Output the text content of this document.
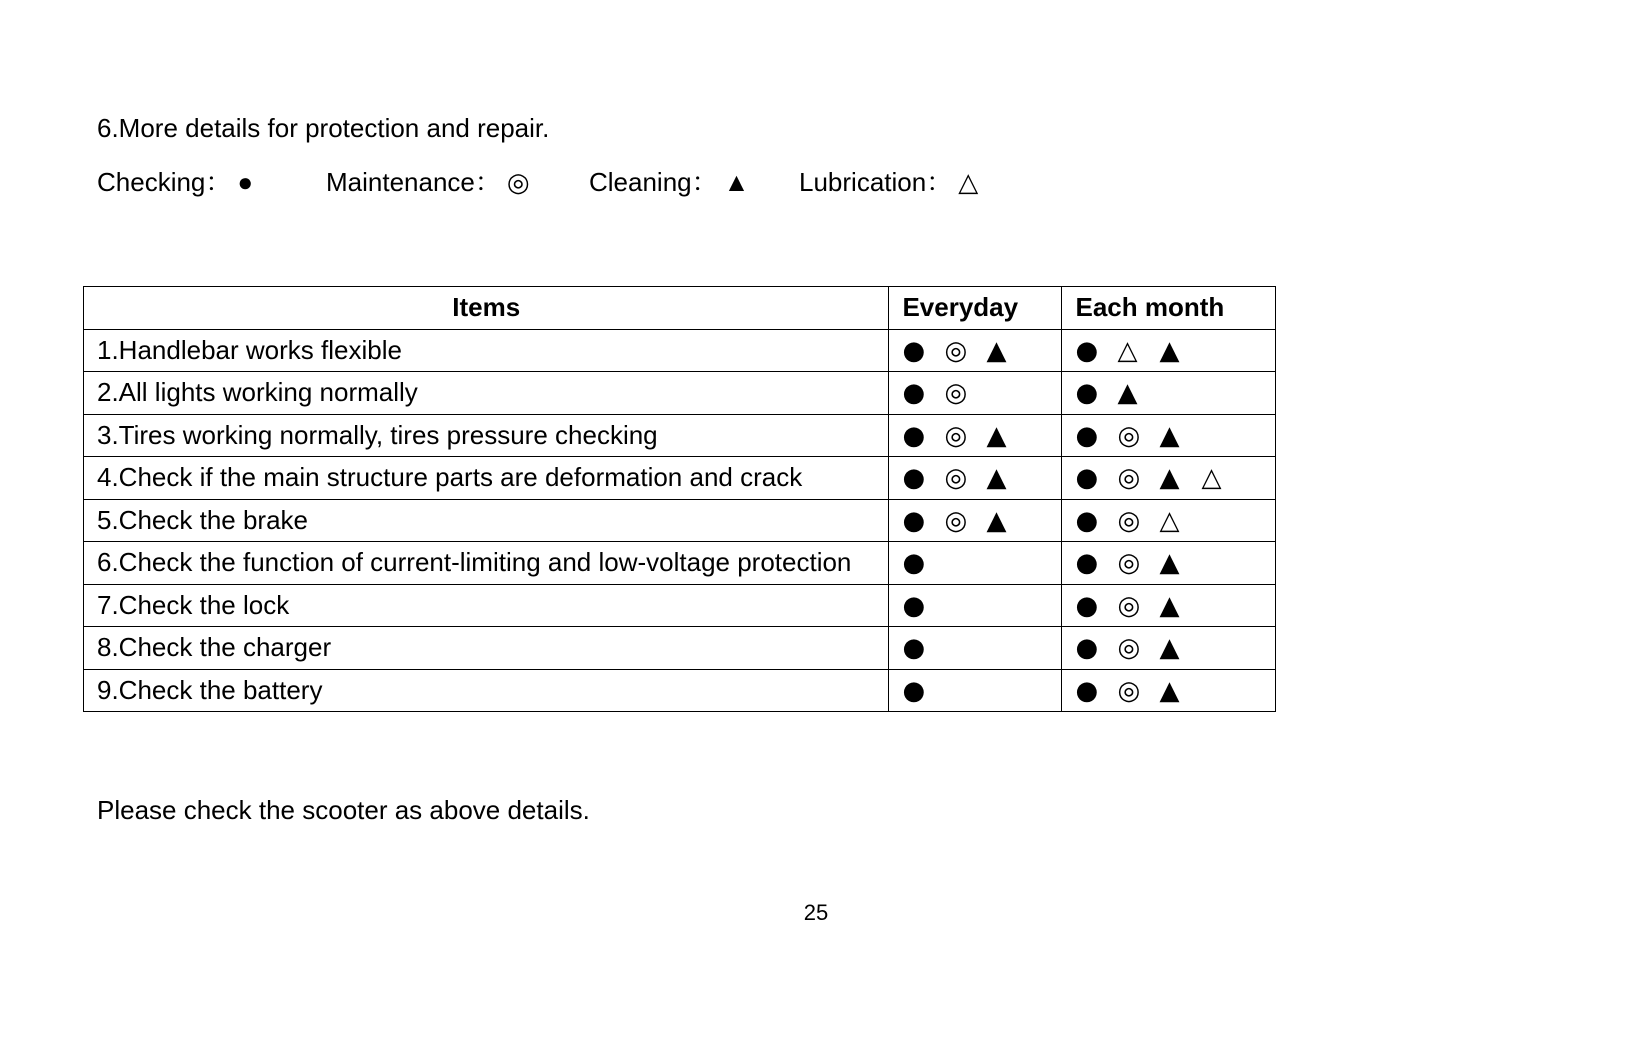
6.More details for protection and repair.
Checking： ●	Maintenance： ◎ Cleaning： ▲ Lubrication： △
Items	Everyday	Each month
1.Handlebar works flexible	● ◎ ▲	● △ ▲
2.All lights working normally	● ◎	● ▲
3.Tires working normally, tires pressure checking	● ◎ ▲	● ◎ ▲
4.Check if the main structure parts are deformation and crack	● ◎ ▲	● ◎ ▲ △
5.Check the brake	● ◎ ▲	● ◎ △
6.Check the function of current-limiting and low-voltage protection	●	● ◎ ▲
7.Check the lock	●	● ◎ ▲
8.Check the charger	●	● ◎ ▲
9.Check the battery	●	● ◎ ▲
Please check the scooter as above details.
25
